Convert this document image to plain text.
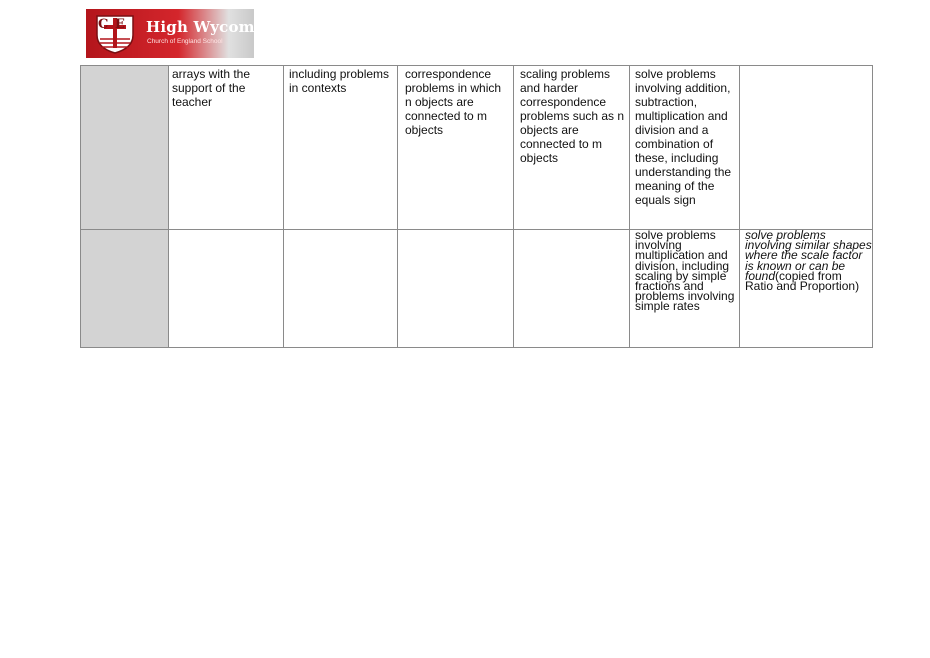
C E High Wycombe
Church of England School

	arrays with the support of the teacher	including problems in contexts	correspondence problems in which n objects are connected to m objects	scaling problems and harder correspondence problems such as n objects are connected to m objects	solve problems involving addition, subtraction, multiplication and division and a combination of these, including understanding the meaning of the equals sign	

					solve problems involving multiplication and division, including scaling by simple fractions and problems involving simple rates	solve problems involving similar shapes where the scale factor is known or can be found(copied from Ratio and Proportion)
